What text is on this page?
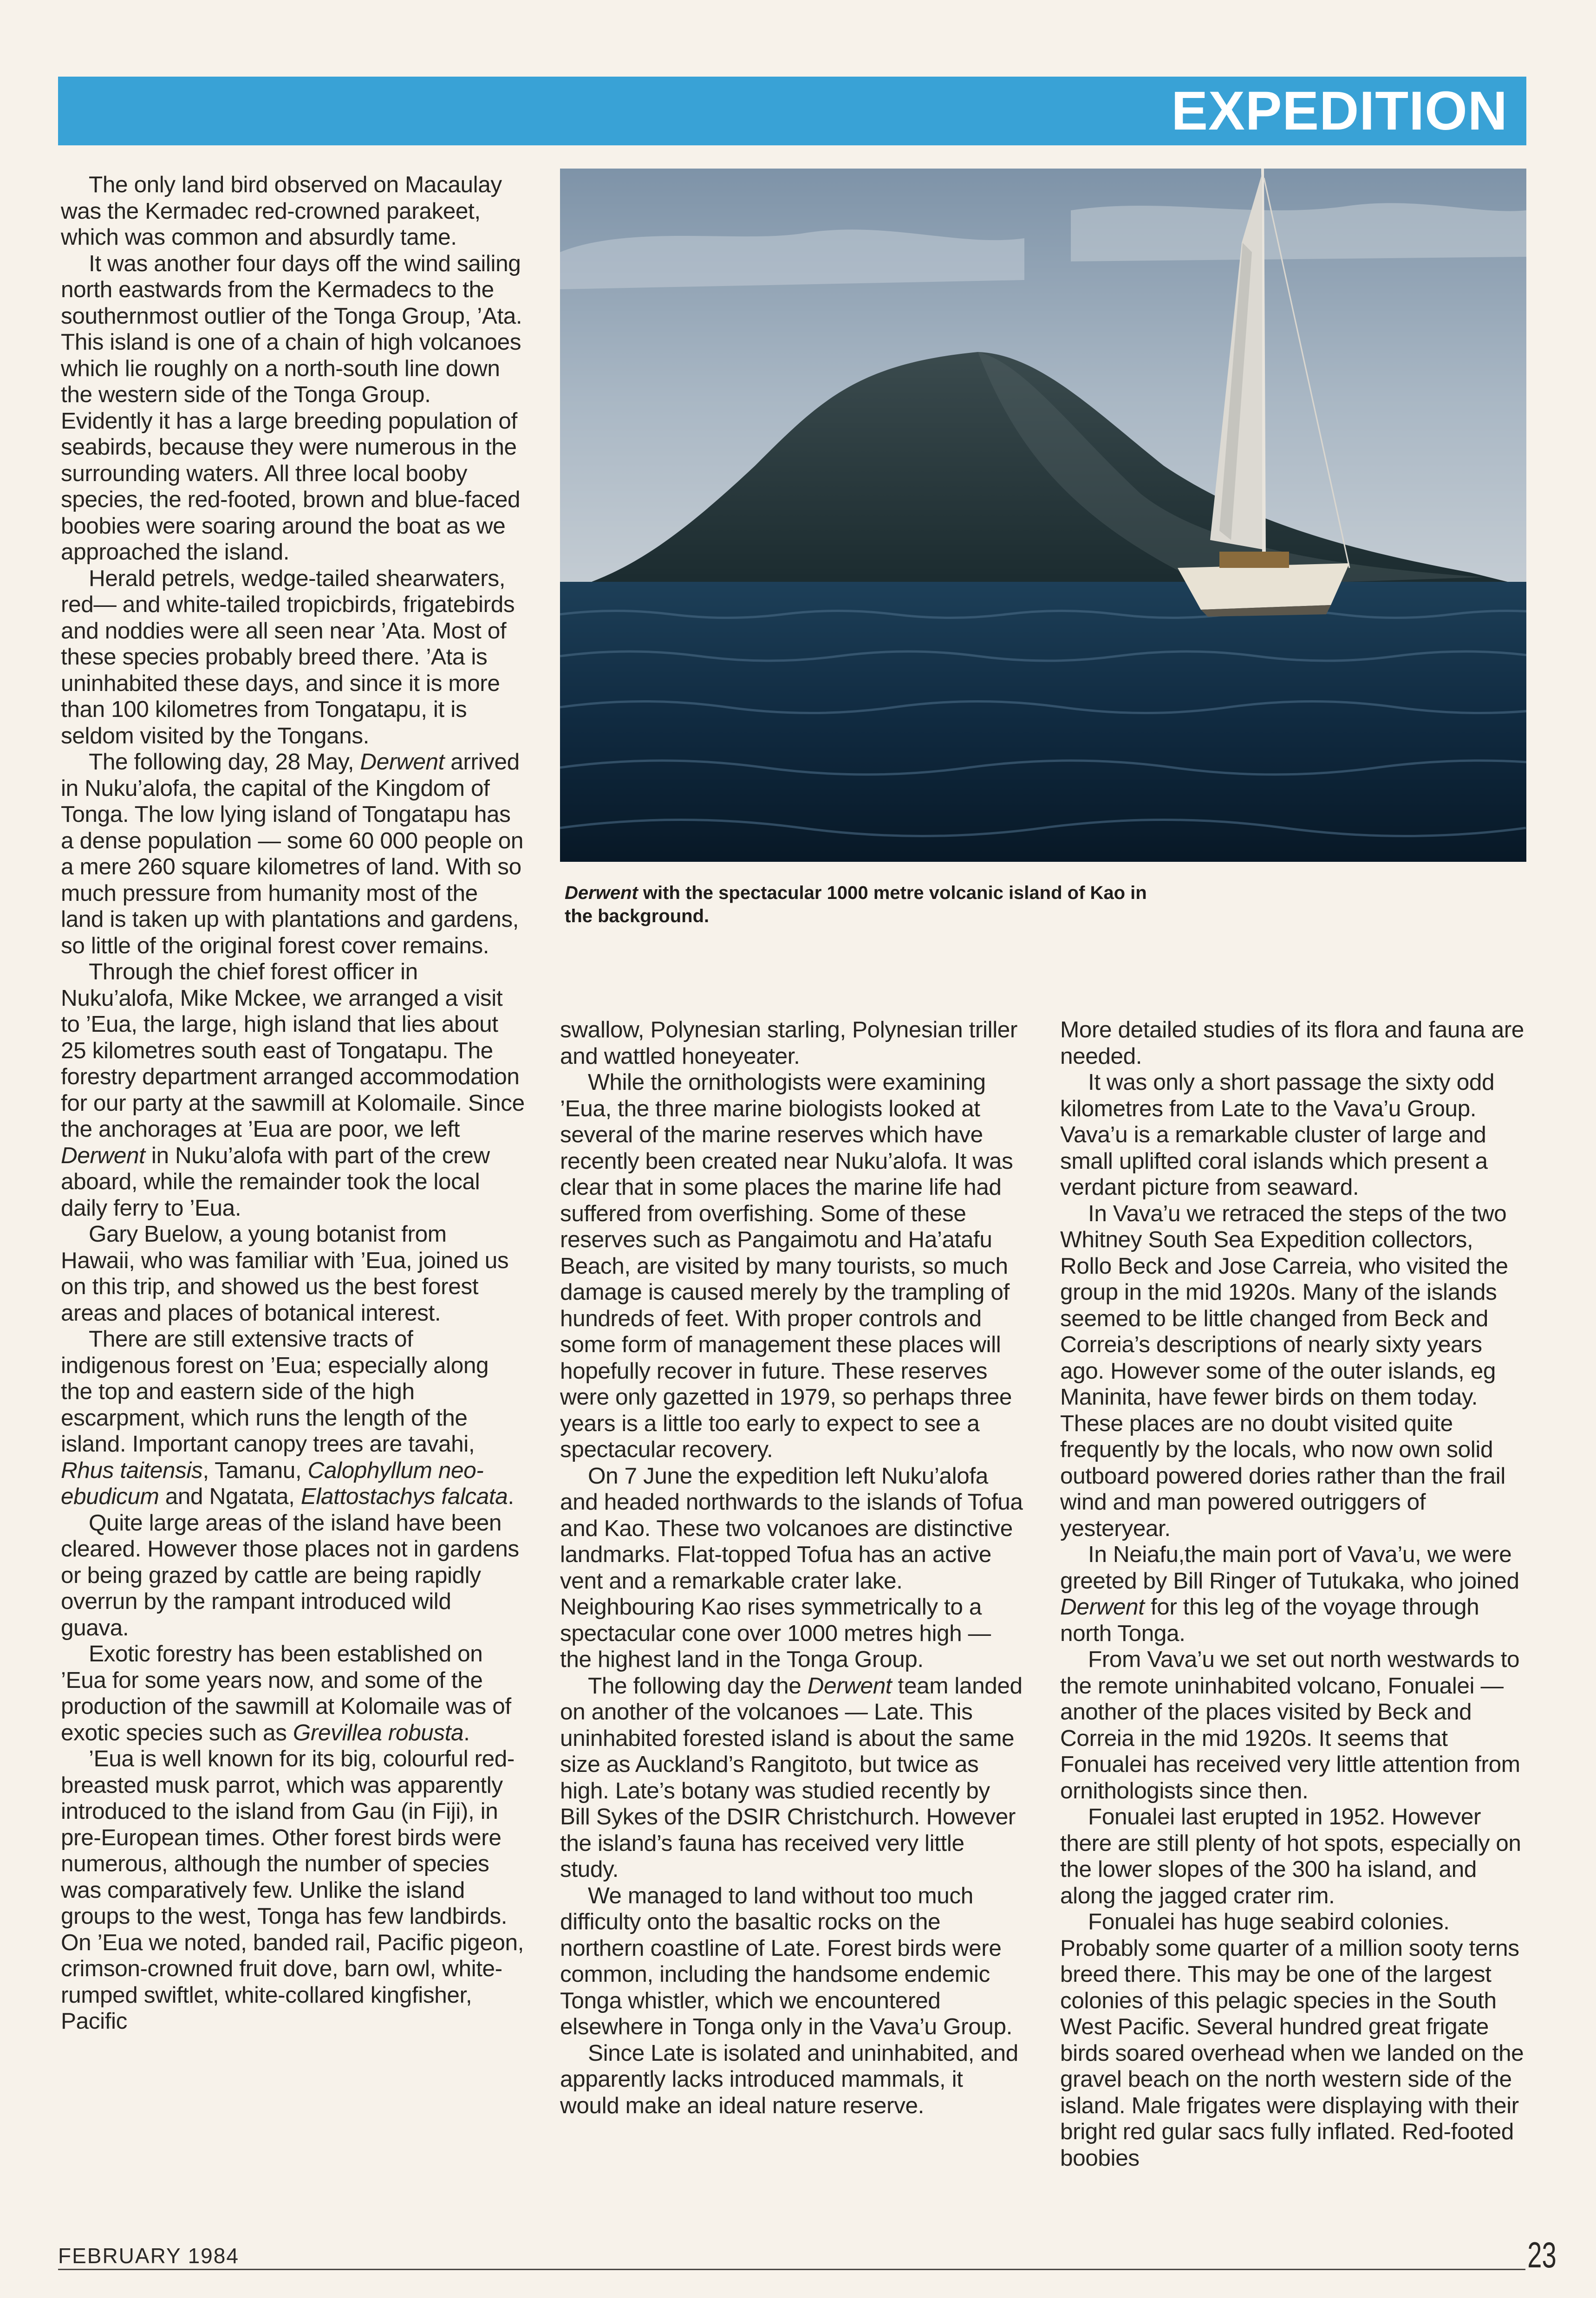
EXPEDITION

The only land bird observed on Macaulay was the Kermadec red-crowned parakeet, which was common and absurdly tame.

It was another four days off the wind sailing north eastwards from the Kermadecs to the southernmost outlier of the Tonga Group, ’Ata. This island is one of a chain of high volcanoes which lie roughly on a north-south line down the western side of the Tonga Group. Evidently it has a large breeding population of seabirds, because they were numerous in the surrounding waters. All three local booby species, the red-footed, brown and blue-faced boobies were soaring around the boat as we approached the island.

Herald petrels, wedge-tailed shearwaters, red— and white-tailed tropicbirds, frigatebirds and noddies were all seen near ’Ata. Most of these species probably breed there. ’Ata is uninhabited these days, and since it is more than 100 kilometres from Tongatapu, it is seldom visited by the Tongans.

The following day, 28 May, Derwent arrived in Nuku’alofa, the capital of the Kingdom of Tonga. The low lying island of Tongatapu has a dense population — some 60 000 people on a mere 260 square kilometres of land. With so much pressure from humanity most of the land is taken up with plantations and gardens, so little of the original forest cover remains.

Through the chief forest officer in Nuku’alofa, Mike Mckee, we arranged a visit to ’Eua, the large, high island that lies about 25 kilometres south east of Tongatapu. The forestry department arranged accommodation for our party at the sawmill at Kolomaile. Since the anchorages at ’Eua are poor, we left Derwent in Nuku’alofa with part of the crew aboard, while the remainder took the local daily ferry to ’Eua.

Gary Buelow, a young botanist from Hawaii, who was familiar with ’Eua, joined us on this trip, and showed us the best forest areas and places of botanical interest.

There are still extensive tracts of indigenous forest on ’Eua; especially along the top and eastern side of the high escarpment, which runs the length of the island. Important canopy trees are tavahi, Rhus taitensis, Tamanu, Calophyllum neo-ebudicum and Ngatata, Elattostachys falcata.

Quite large areas of the island have been cleared. However those places not in gardens or being grazed by cattle are being rapidly overrun by the rampant introduced wild guava.

Exotic forestry has been established on ’Eua for some years now, and some of the production of the sawmill at Kolomaile was of exotic species such as Grevillea robusta.

’Eua is well known for its big, colourful red-breasted musk parrot, which was apparently introduced to the island from Gau (in Fiji), in pre-European times. Other forest birds were numerous, although the number of species was comparatively few. Unlike the island groups to the west, Tonga has few landbirds. On ’Eua we noted, banded rail, Pacific pigeon, crimson-crowned fruit dove, barn owl, white-rumped swiftlet, white-collared kingfisher, Pacific

Derwent with the spectacular 1000 metre volcanic island of Kao in the background.

swallow, Polynesian starling, Polynesian triller and wattled honeyeater.

While the ornithologists were examining ’Eua, the three marine biologists looked at several of the marine reserves which have recently been created near Nuku’alofa. It was clear that in some places the marine life had suffered from overfishing. Some of these reserves such as Pangaimotu and Ha’atafu Beach, are visited by many tourists, so much damage is caused merely by the trampling of hundreds of feet. With proper controls and some form of management these places will hopefully recover in future. These reserves were only gazetted in 1979, so perhaps three years is a little too early to expect to see a spectacular recovery.

On 7 June the expedition left Nuku’alofa and headed northwards to the islands of Tofua and Kao. These two volcanoes are distinctive landmarks. Flat-topped Tofua has an active vent and a remarkable crater lake. Neighbouring Kao rises symmetrically to a spectacular cone over 1000 metres high — the highest land in the Tonga Group.

The following day the Derwent team landed on another of the volcanoes — Late. This uninhabited forested island is about the same size as Auckland’s Rangitoto, but twice as high. Late’s botany was studied recently by Bill Sykes of the DSIR Christchurch. However the island’s fauna has received very little study.

We managed to land without too much difficulty onto the basaltic rocks on the northern coastline of Late. Forest birds were common, including the handsome endemic Tonga whistler, which we encountered elsewhere in Tonga only in the Vava’u Group.

Since Late is isolated and uninhabited, and apparently lacks introduced mammals, it would make an ideal nature reserve.

More detailed studies of its flora and fauna are needed.

It was only a short passage the sixty odd kilometres from Late to the Vava’u Group. Vava’u is a remarkable cluster of large and small uplifted coral islands which present a verdant picture from seaward.

In Vava’u we retraced the steps of the two Whitney South Sea Expedition collectors, Rollo Beck and Jose Carreia, who visited the group in the mid 1920s. Many of the islands seemed to be little changed from Beck and Correia’s descriptions of nearly sixty years ago. However some of the outer islands, eg Maninita, have fewer birds on them today. These places are no doubt visited quite frequently by the locals, who now own solid outboard powered dories rather than the frail wind and man powered outriggers of yesteryear.

In Neiafu,the main port of Vava’u, we were greeted by Bill Ringer of Tutukaka, who joined Derwent for this leg of the voyage through north Tonga.

From Vava’u we set out north westwards to the remote uninhabited volcano, Fonualei — another of the places visited by Beck and Correia in the mid 1920s. It seems that Fonualei has received very little attention from ornithologists since then.

Fonualei last erupted in 1952. However there are still plenty of hot spots, especially on the lower slopes of the 300 ha island, and along the jagged crater rim.

Fonualei has huge seabird colonies. Probably some quarter of a million sooty terns breed there. This may be one of the largest colonies of this pelagic species in the South West Pacific. Several hundred great frigate birds soared overhead when we landed on the gravel beach on the north western side of the island. Male frigates were displaying with their bright red gular sacs fully inflated. Red-footed boobies

FEBRUARY 1984	23
